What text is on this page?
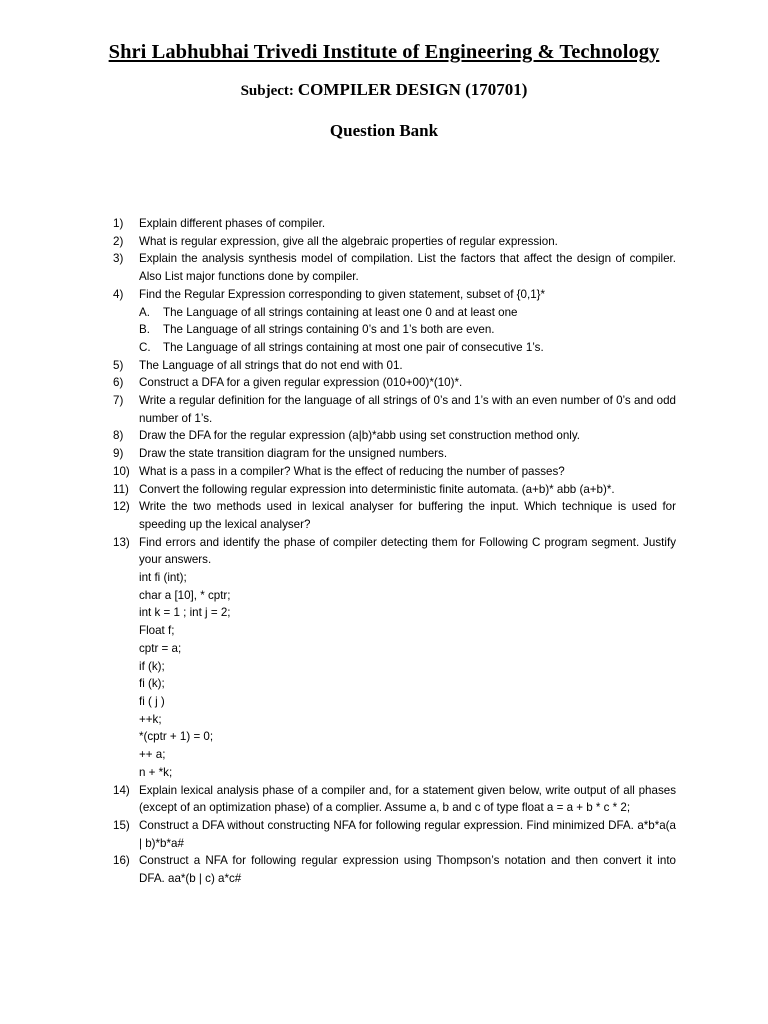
Shri Labhubhai Trivedi Institute of Engineering & Technology
Subject: COMPILER DESIGN (170701)
Question Bank
1)	Explain different phases of compiler.
2)	What is regular expression, give all the algebraic properties of regular expression.
3)	Explain the analysis synthesis model of compilation. List the factors that affect the design of compiler. Also List major functions done by compiler.
4)	Find the Regular Expression corresponding to given statement, subset of {0,1}*
A.	The Language of all strings containing at least one 0 and at least one
B.	The Language of all strings containing 0’s and 1’s both are even.
C.	The Language of all strings containing at most one pair of consecutive 1’s.
5)	The Language of all strings that do not end with 01.
6)	Construct a DFA for a given regular expression (010+00)*(10)*.
7)	Write a regular definition for the language of all strings of 0’s and 1’s with an even number of 0’s and odd number of 1’s.
8)	Draw the DFA for the regular expression (a|b)*abb using set construction method only.
9)	Draw the state transition diagram for the unsigned numbers.
10) What is a pass in a compiler? What is the effect of reducing the number of passes?
11) Convert the following regular expression into deterministic finite automata. (a+b)* abb (a+b)*.
12) Write the two methods used in lexical analyser for buffering the input. Which technique is used for speeding up the lexical analyser?
13) Find errors and identify the phase of compiler detecting them for Following C program segment. Justify your answers.
int fi (int);
char a [10], * cptr;
int k = 1 ; int j = 2;
Float f;
cptr = a;
if (k);
fi (k);
fi ( j )
++k;
*(cptr + 1) = 0;
++ a;
n + *k;
14) Explain lexical analysis phase of a compiler and, for a statement given below, write output of all phases (except of an optimization phase) of a complier. Assume a, b and c of type float a = a + b * c * 2;
15) Construct a DFA without constructing NFA for following regular expression. Find minimized DFA. a*b*a(a | b)*b*a#
16) Construct a NFA for following regular expression using Thompson’s notation and then convert it into DFA. aa*(b | c) a*c#
